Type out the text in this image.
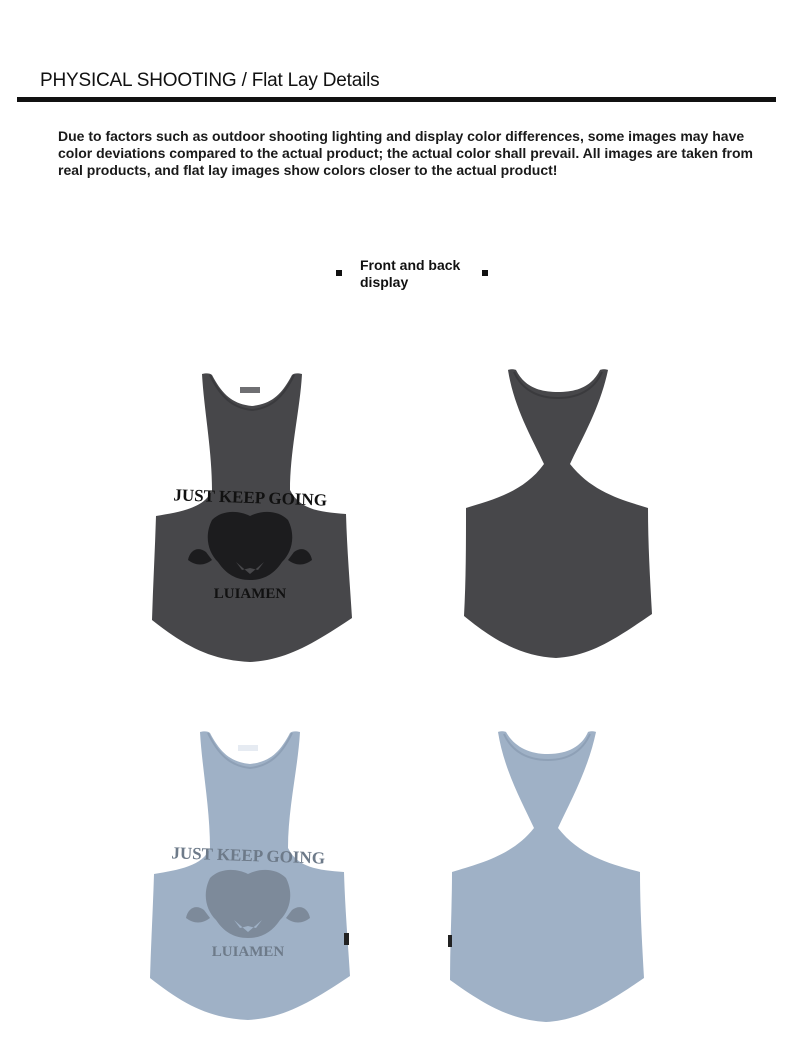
PHYSICAL SHOOTING / Flat Lay Details
Due to factors such as outdoor shooting lighting and display color differences, some images may have color deviations compared to the actual product; the actual color shall prevail. All images are taken from real products, and flat lay images show colors closer to the actual product!
Front and back display
JUST KEEP GOING
LUIAMEN
JUST KEEP GOING
LUIAMEN
